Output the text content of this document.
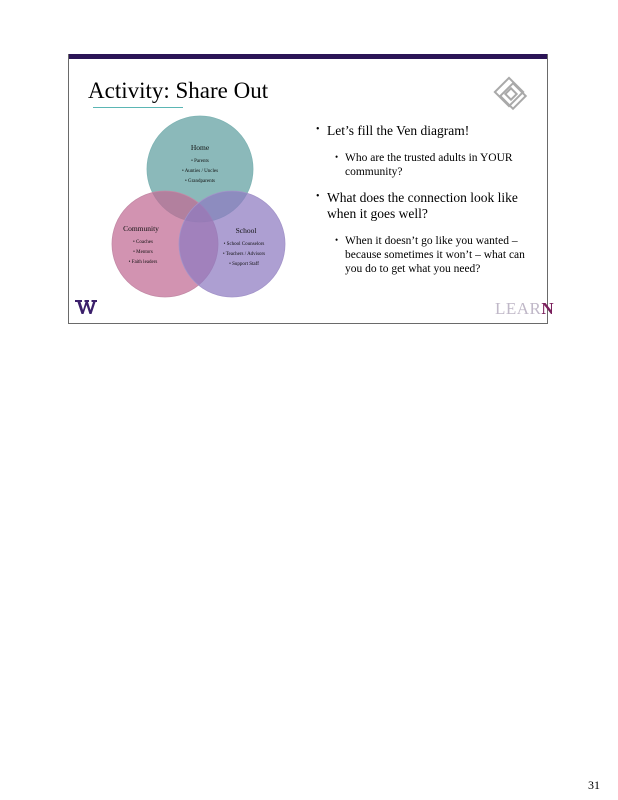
Activity: Share Out
Home
• Parents
• Aunties / Uncles
• Grandparents
Community
• Coaches
• Mentors
• Faith leaders
School
• School Counselors
• Teachers / Advisors
• Support Staff

• Let’s fill the Ven diagram!

• Who are the trusted adults in YOUR community?

• What does the connection look like when it goes well?

• When it doesn’t go like you wanted – because sometimes it won’t – what can you do to get what you need?

LEARN
31
